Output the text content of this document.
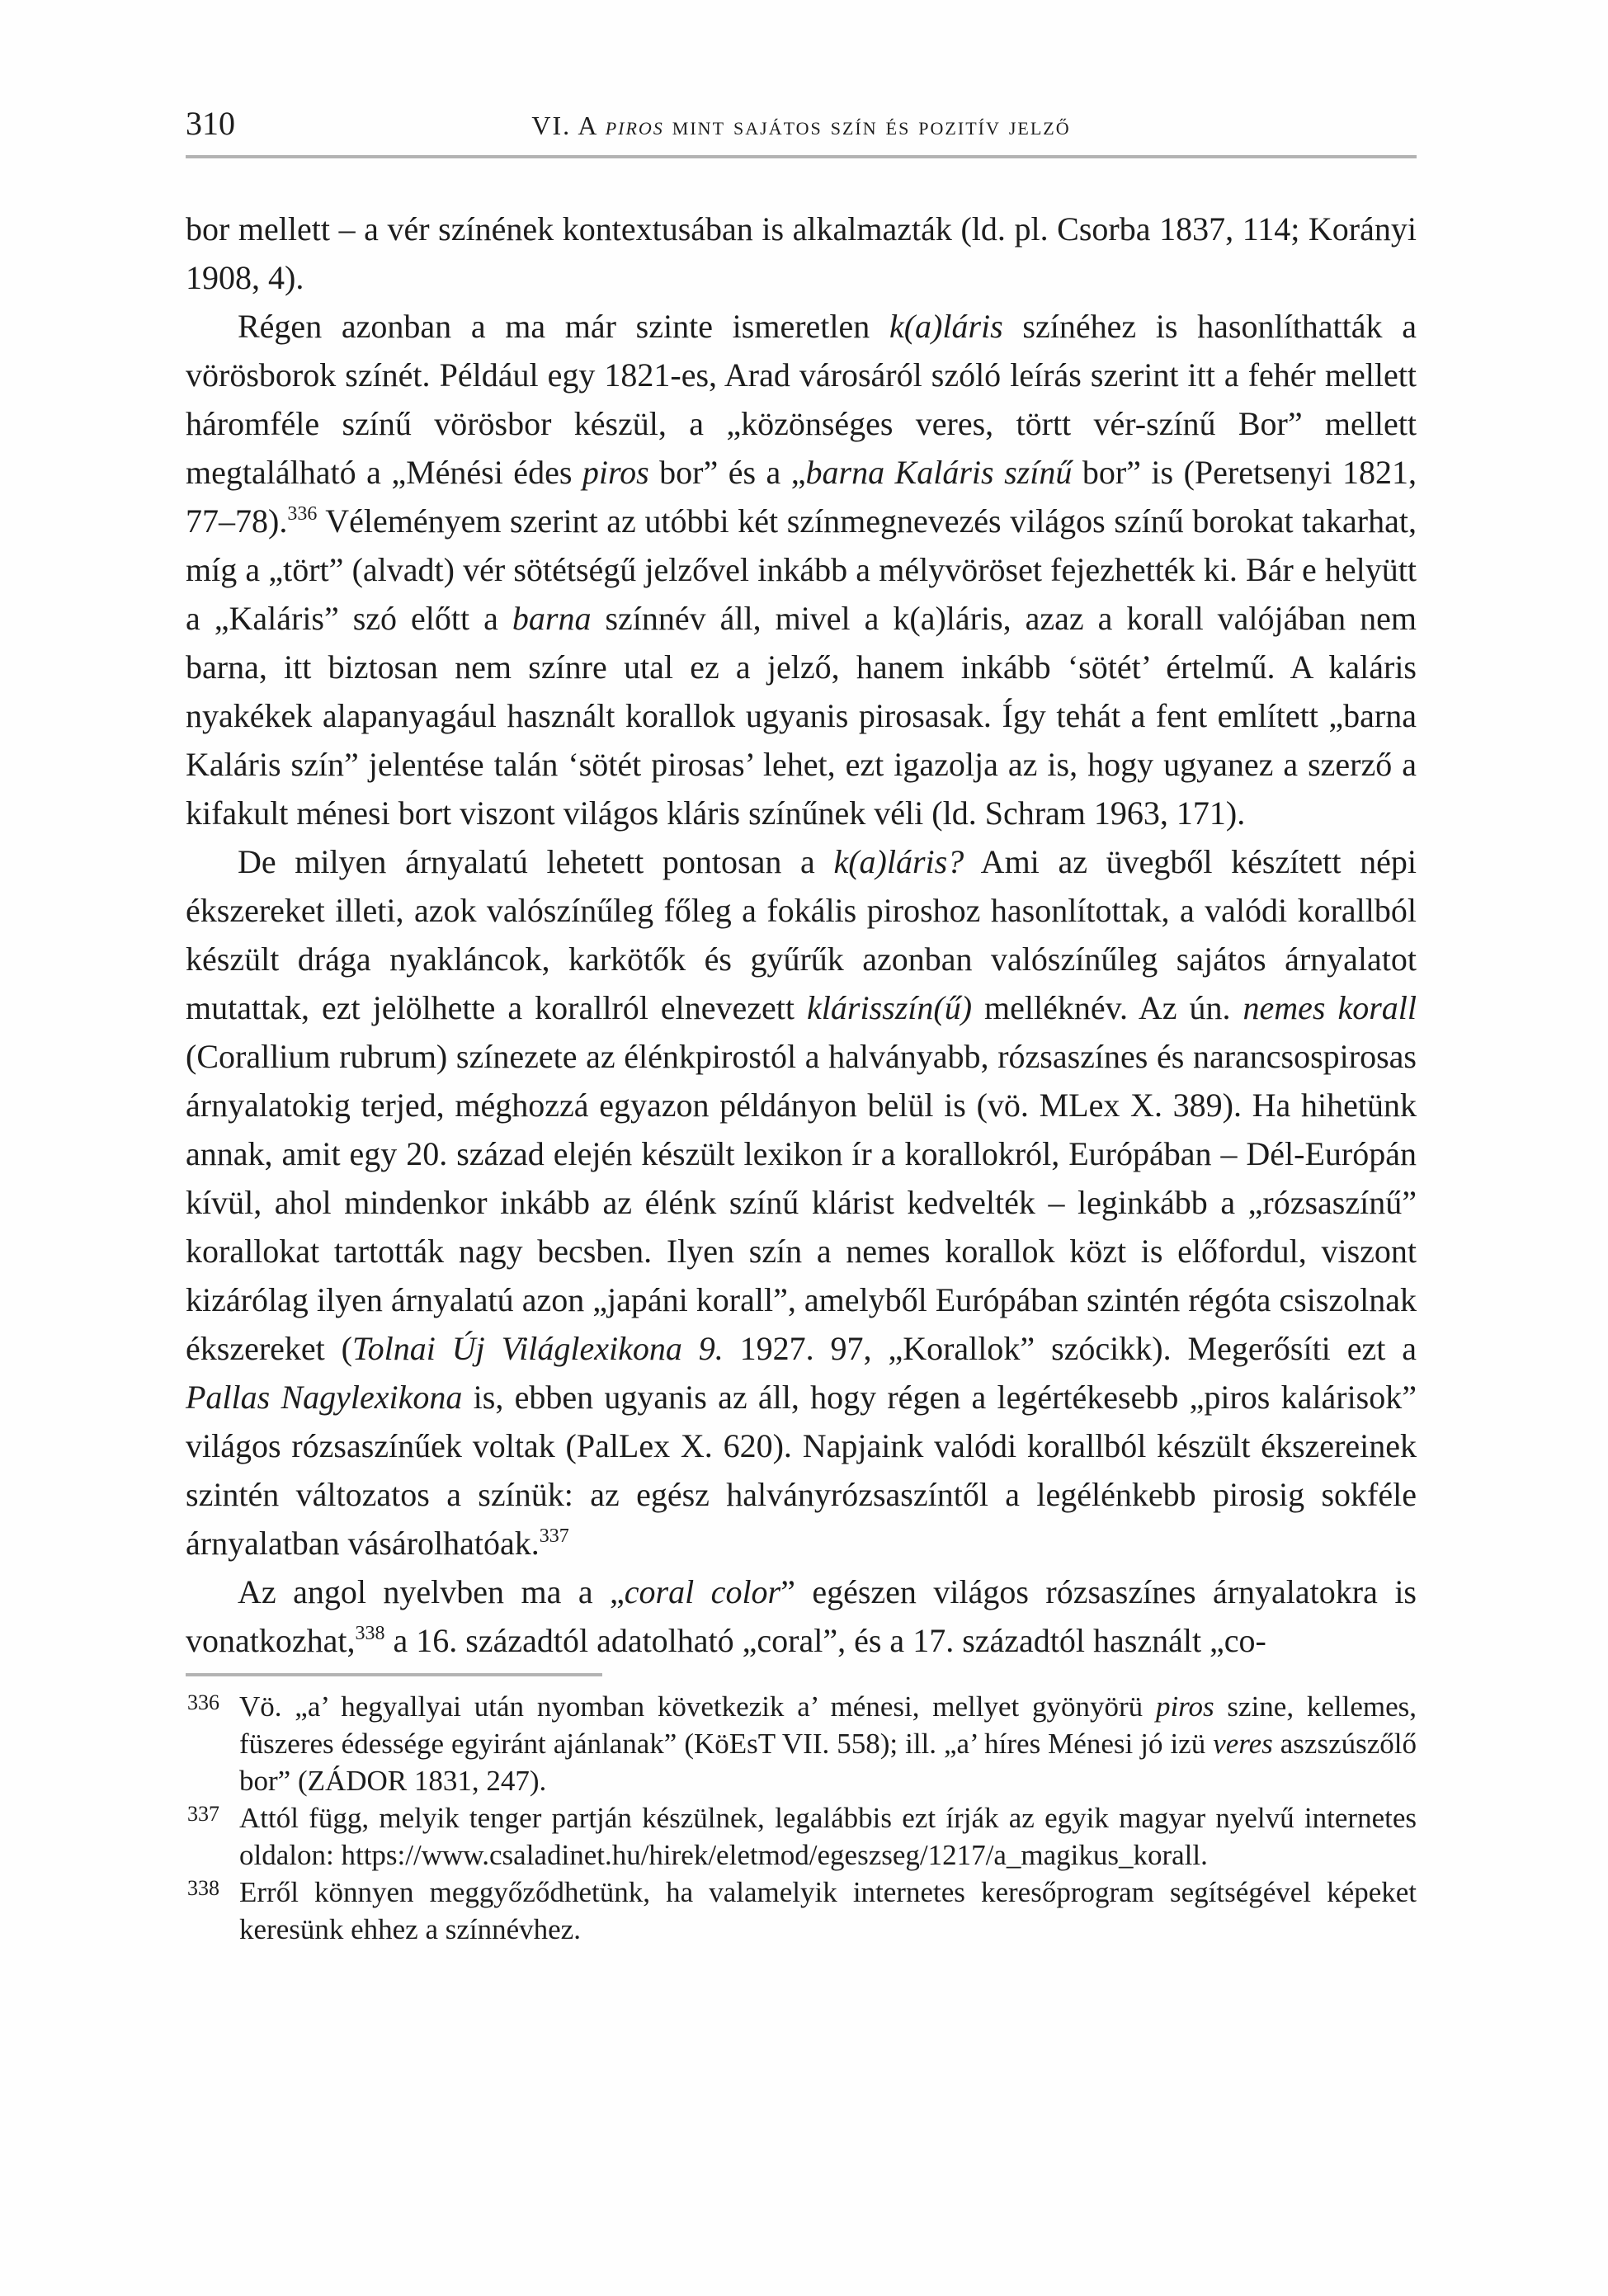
310	VI. A piros mint sajátos szín és pozitív jelző

bor mellett – a vér színének kontextusában is alkalmazták (ld. pl. Csorba 1837, 114; Korányi 1908, 4).

Régen azonban a ma már szinte ismeretlen k(a)láris színéhez is hasonlíthatták a vörösborok színét. Például egy 1821-es, Arad városáról szóló leírás szerint itt a fehér mellett háromféle színű vörösbor készül, a „közönséges veres, törtt vér-színű Bor” mellett megtalálható a „Ménési édes piros bor” és a „barna Kaláris színű bor” is (Peretsenyi 1821, 77–78).$^{336}$ Véleményem szerint az utóbbi két színmegnevezés világos színű borokat takarhat, míg a „tört” (alvadt) vér sötétségű jelzővel inkább a mélyvöröset fejezhették ki. Bár e helyütt a „Kaláris” szó előtt a barna színnév áll, mivel a k(a)láris, azaz a korall valójában nem barna, itt biztosan nem színre utal ez a jelző, hanem inkább ‘sötét’ értelmű. A kaláris nyakékek alapanyagául használt korallok ugyanis pirosasak. Így tehát a fent említett „barna Kaláris szín” jelentése talán ‘sötét pirosas’ lehet, ezt igazolja az is, hogy ugyanez a szerző a kifakult ménesi bort viszont világos kláris színűnek véli (ld. Schram 1963, 171).

De milyen árnyalatú lehetett pontosan a k(a)láris? Ami az üvegből készített népi ékszereket illeti, azok valószínűleg főleg a fokális piroshoz hasonlítottak, a valódi korallból készült drága nyakláncok, karkötők és gyűrűk azonban valószínűleg sajátos árnyalatot mutattak, ezt jelölhette a korallról elnevezett klárisszín(ű) melléknév. Az ún. nemes korall (Corallium rubrum) színezete az élénkpirostól a halványabb, rózsaszínes és narancsospirosas árnyalatokig terjed, méghozzá egyazon példányon belül is (vö. MLex X. 389). Ha hihetünk annak, amit egy 20. század elején készült lexikon ír a korallokról, Európában – Dél-Európán kívül, ahol mindenkor inkább az élénk színű klárist kedvelték – leginkább a „rózsaszínű” korallokat tartották nagy becsben. Ilyen szín a nemes korallok közt is előfordul, viszont kizárólag ilyen árnyalatú azon „japáni korall”, amelyből Európában szintén régóta csiszolnak ékszereket (Tolnai Új Világlexikona 9. 1927. 97, „Korallok” szócikk). Megerősíti ezt a Pallas Nagylexikona is, ebben ugyanis az áll, hogy régen a legértékesebb „piros kalárisok” világos rózsaszínűek voltak (PalLex X. 620). Napjaink valódi korallból készült ékszereinek szintén változatos a színük: az egész halványrózsaszíntől a legélénkebb pirosig sokféle árnyalatban vásárolhatóak.$^{337}$

Az angol nyelvben ma a „coral color” egészen világos rózsaszínes árnyalatokra is vonatkozhat,$^{338}$ a 16. századtól adatolható „coral”, és a 17. századtól használt „co-

336 Vö. „a’ hegyallyai után nyomban következik a’ ménesi, mellyet gyönyörü piros szine, kellemes, füszeres édessége egyiránt ajánlanak” (KöEsT VII. 558); ill. „a’ híres Ménesi jó izü veres aszszúszőlő bor” (ZÁDOR 1831, 247).
337 Attól függ, melyik tenger partján készülnek, legalábbis ezt írják az egyik magyar nyelvű internetes oldalon: https://www.csaladinet.hu/hirek/eletmod/egeszseg/1217/a_magikus_korall.
338 Erről könnyen meggyőződhetünk, ha valamelyik internetes keresőprogram segítségével képeket keresünk ehhez a színnévhez.
